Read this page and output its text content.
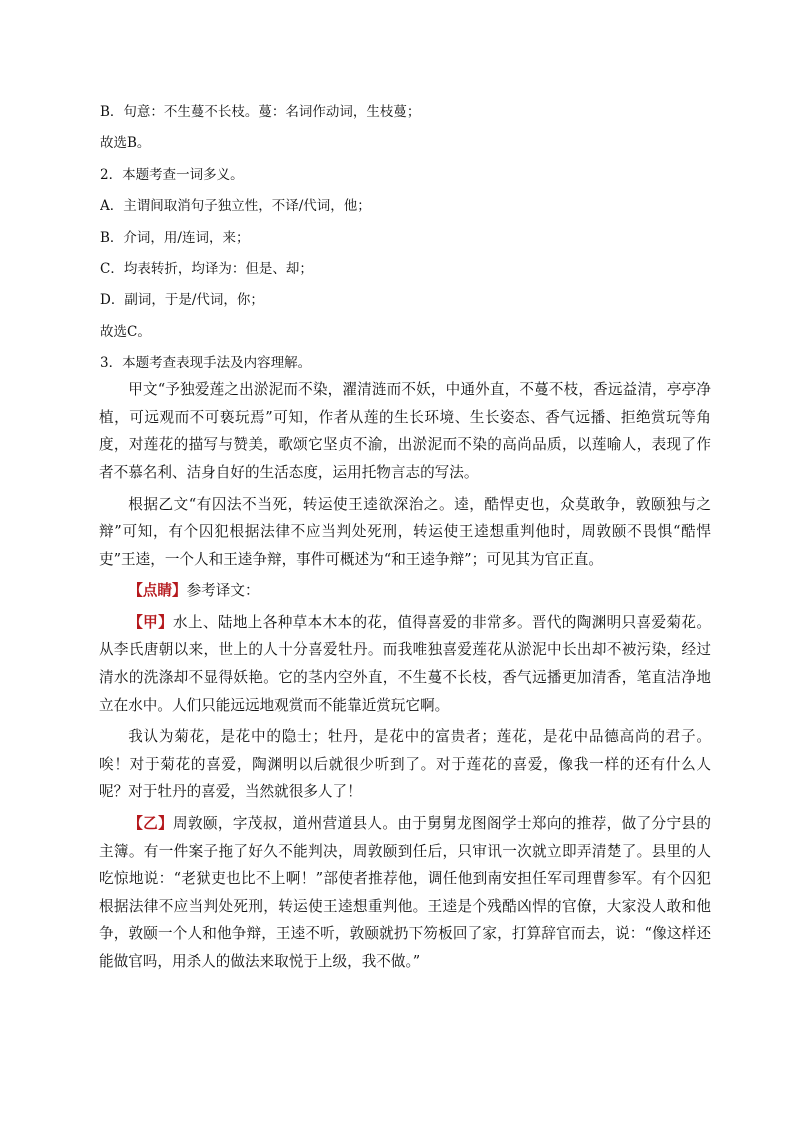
B．句意：不生蔓不长枝。蔓：名词作动词，生枝蔓；
故选B。
2．本题考查一词多义。
A．主谓间取消句子独立性，不译/代词，他；
B．介词，用/连词，来；
C．均表转折，均译为：但是、却；
D．副词，于是/代词，你；
故选C。
3．本题考查表现手法及内容理解。

甲文“予独爱莲之出淤泥而不染，濯清涟而不妖，中通外直，不蔓不枝，香远益清，亭亭净植，可远观而不可亵玩焉”可知，作者从莲的生长环境、生长姿态、香气远播、拒绝赏玩等角度，对莲花的描写与赞美，歌颂它坚贞不渝，出淤泥而不染的高尚品质，以莲喻人，表现了作者不慕名利、洁身自好的生活态度，运用托物言志的写法。

根据乙文“有囚法不当死，转运使王逵欲深治之。逵，酷悍吏也，众莫敢争，敦颐独与之辩”可知，有个囚犯根据法律不应当判处死刑，转运使王逵想重判他时，周敦颐不畏惧“酷悍吏”王逵，一个人和王逵争辩，事件可概述为“和王逵争辩”；可见其为官正直。

【点睛】参考译文：

【甲】水上、陆地上各种草本木本的花，值得喜爱的非常多。晋代的陶渊明只喜爱菊花。从李氏唐朝以来，世上的人十分喜爱牡丹。而我唯独喜爱莲花从淤泥中长出却不被污染，经过清水的洗涤却不显得妖艳。它的茎内空外直，不生蔓不长枝，香气远播更加清香，笔直洁净地立在水中。人们只能远远地观赏而不能靠近赏玩它啊。

我认为菊花，是花中的隐士；牡丹，是花中的富贵者；莲花，是花中品德高尚的君子。唉！对于菊花的喜爱，陶渊明以后就很少听到了。对于莲花的喜爱，像我一样的还有什么人呢？对于牡丹的喜爱，当然就很多人了！

【乙】周敦颐，字茂叔，道州营道县人。由于舅舅龙图阁学士郑向的推荐，做了分宁县的主簿。有一件案子拖了好久不能判决，周敦颐到任后，只审讯一次就立即弄清楚了。县里的人吃惊地说：“老狱吏也比不上啊！”部使者推荐他，调任他到南安担任军司理曹参军。有个囚犯根据法律不应当判处死刑，转运使王逵想重判他。王逵是个残酷凶悍的官僚，大家没人敢和他争，敦颐一个人和他争辩，王逵不听，敦颐就扔下笏板回了家，打算辞官而去，说：“像这样还能做官吗，用杀人的做法来取悦于上级，我不做。”
